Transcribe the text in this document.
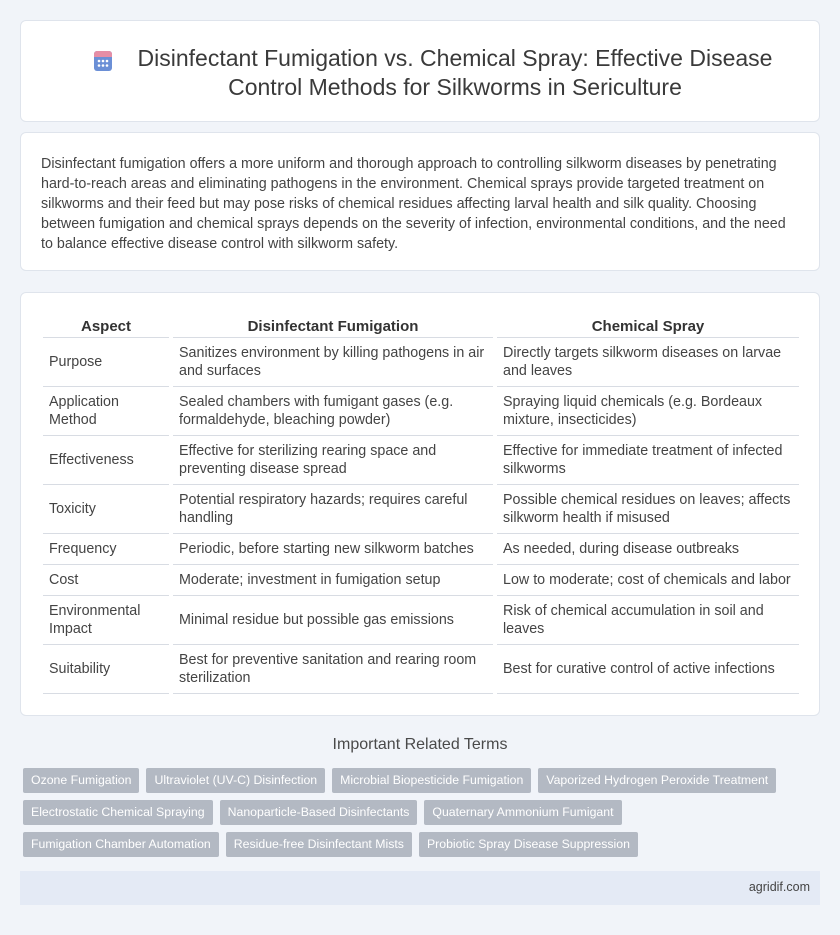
Disinfectant Fumigation vs. Chemical Spray: Effective Disease Control Methods for Silkworms in Sericulture

Disinfectant fumigation offers a more uniform and thorough approach to controlling silkworm diseases by penetrating hard-to-reach areas and eliminating pathogens in the environment. Chemical sprays provide targeted treatment on silkworms and their feed but may pose risks of chemical residues affecting larval health and silk quality. Choosing between fumigation and chemical sprays depends on the severity of infection, environmental conditions, and the need to balance effective disease control with silkworm safety.

Aspect		Disinfectant Fumigation		Chemical Spray
Purpose		Sanitizes environment by killing pathogens in air and surfaces		Directly targets silkworm diseases on larvae and leaves
Application Method		Sealed chambers with fumigant gases (e.g. formaldehyde, bleaching powder)		Spraying liquid chemicals (e.g. Bordeaux mixture, insecticides)
Effectiveness		Effective for sterilizing rearing space and preventing disease spread		Effective for immediate treatment of infected silkworms
Toxicity		Potential respiratory hazards; requires careful handling		Possible chemical residues on leaves; affects silkworm health if misused
Frequency		Periodic, before starting new silkworm batches		As needed, during disease outbreaks
Cost		Moderate; investment in fumigation setup		Low to moderate; cost of chemicals and labor
Environmental Impact		Minimal residue but possible gas emissions		Risk of chemical accumulation in soil and leaves
Suitability		Best for preventive sanitation and rearing room sterilization		Best for curative control of active infections
Important Related Terms
Ozone Fumigation	Ultraviolet (UV-C) Disinfection	Microbial Biopesticide Fumigation	Vaporized Hydrogen Peroxide Treatment
Electrostatic Chemical Spraying	Nanoparticle-Based Disinfectants	Quaternary Ammonium Fumigant
Fumigation Chamber Automation	Residue-free Disinfectant Mists	Probiotic Spray Disease Suppression
agridif.com
